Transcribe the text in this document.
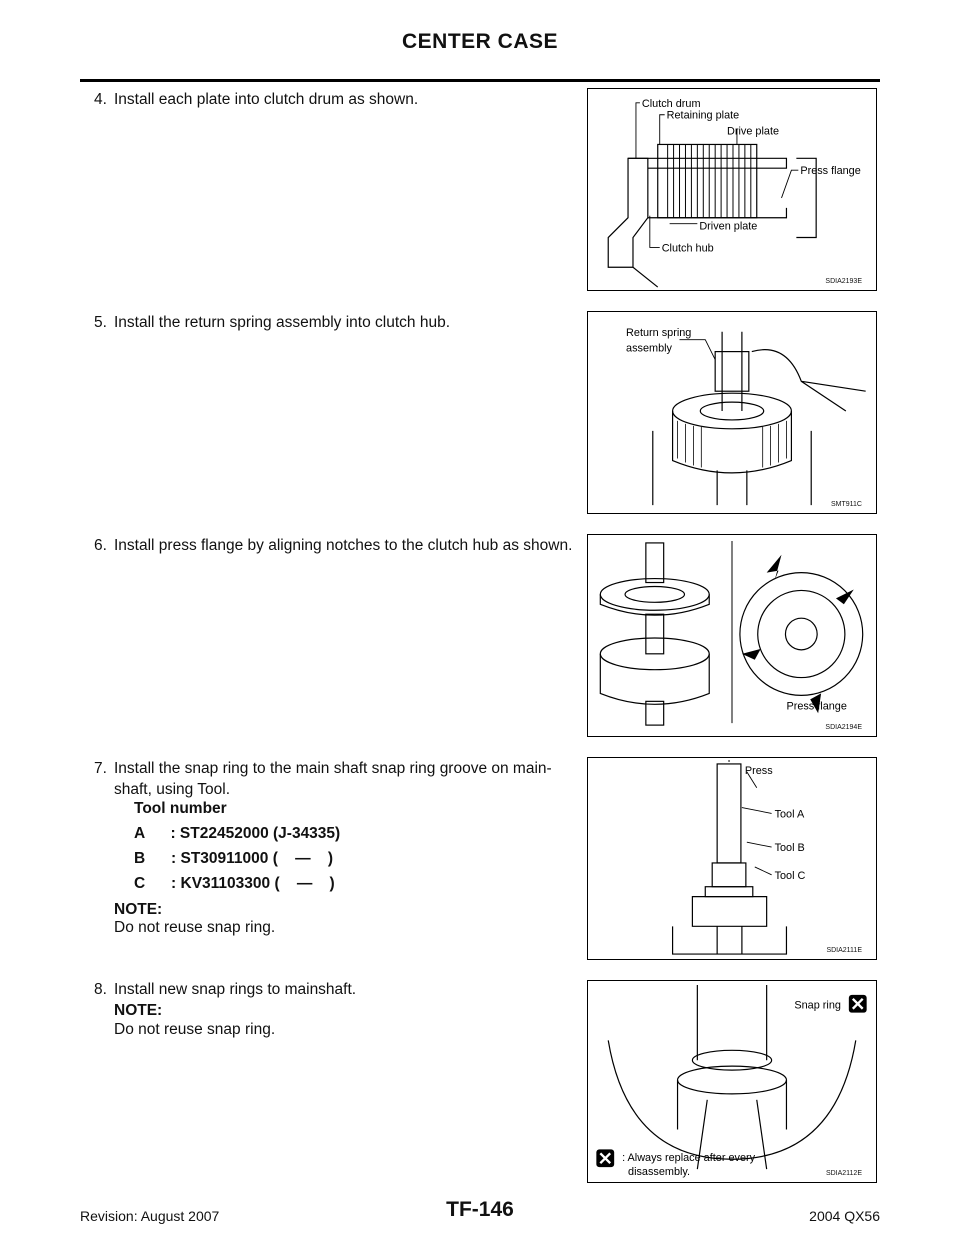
CENTER CASE
4. Install each plate into clutch drum as shown.
5. Install the return spring assembly into clutch hub.
6. Install press flange by aligning notches to the clutch hub as shown.
7. Install the snap ring to the main shaft snap ring groove on main-shaft, using Tool.
Tool number
A      : ST22452000 (J-34335)
B      : ST30911000 (    —    )
C      : KV31103300 (    —    )
NOTE:
Do not reuse snap ring.
8. Install new snap rings to mainshaft.
NOTE:
Do not reuse snap ring.
Clutch drum
Retaining plate
Drive plate
Press flange
Driven plate
Clutch hub
SDIA2193E
Return spring
assembly
SMT911C
Press flange
SDIA2194E
Press
Tool A
Tool B
Tool C
SDIA2111E
Snap ring
: Always replace after every
disassembly.	SDIA2112E
Revision: August 2007	TF-146	2004 QX56
